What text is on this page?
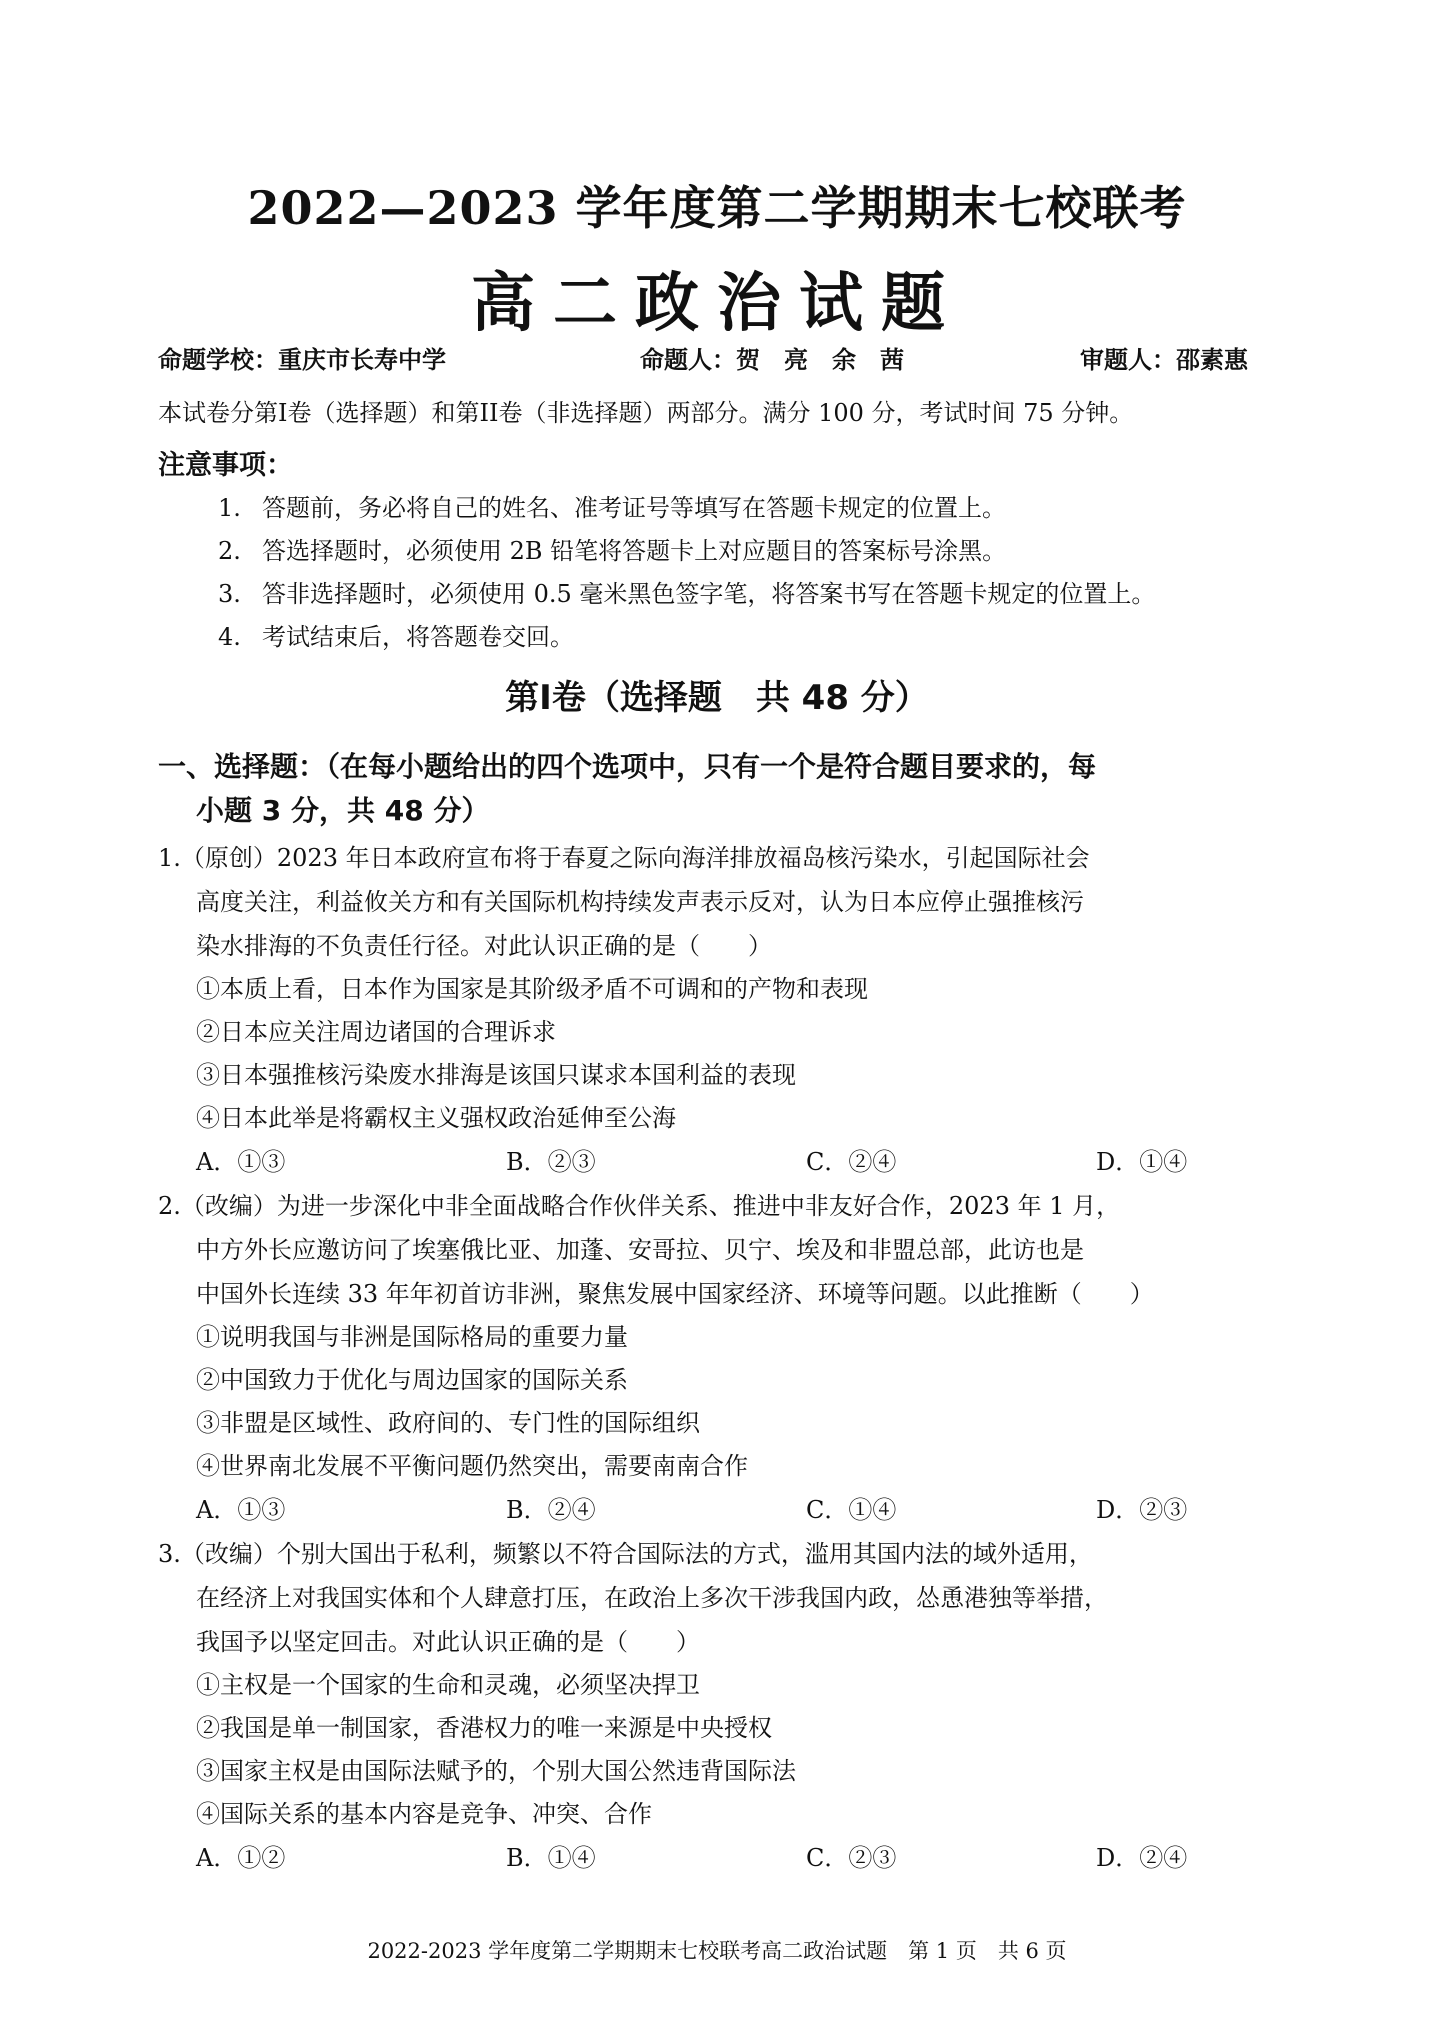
2022—2023 学年度第二学期期末七校联考
高二政治试题
命题学校：重庆市长寿中学	命题人：贺　亮　余　茜	审题人：邵素惠
本试卷分第I卷（选择题）和第II卷（非选择题）两部分。满分 100 分，考试时间 75 分钟。
注意事项：
1. 答题前，务必将自己的姓名、准考证号等填写在答题卡规定的位置上。
2. 答选择题时，必须使用 2B 铅笔将答题卡上对应题目的答案标号涂黑。
3. 答非选择题时，必须使用 0.5 毫米黑色签字笔，将答案书写在答题卡规定的位置上。
4. 考试结束后，将答题卷交回。
第I卷（选择题　共 48 分）
一、选择题：（在每小题给出的四个选项中，只有一个是符合题目要求的，每
小题 3 分，共 48 分）
1.（原创）2023 年日本政府宣布将于春夏之际向海洋排放福岛核污染水，引起国际社会
高度关注，利益攸关方和有关国际机构持续发声表示反对，认为日本应停止强推核污
染水排海的不负责任行径。对此认识正确的是（　　）
①本质上看，日本作为国家是其阶级矛盾不可调和的产物和表现
②日本应关注周边诸国的合理诉求
③日本强推核污染废水排海是该国只谋求本国利益的表现
④日本此举是将霸权主义强权政治延伸至公海
A．①③	B．②③	C．②④	D．①④
2.（改编）为进一步深化中非全面战略合作伙伴关系、推进中非友好合作，2023 年 1 月，
中方外长应邀访问了埃塞俄比亚、加蓬、安哥拉、贝宁、埃及和非盟总部，此访也是
中国外长连续 33 年年初首访非洲，聚焦发展中国家经济、环境等问题。以此推断（　　）
①说明我国与非洲是国际格局的重要力量
②中国致力于优化与周边国家的国际关系
③非盟是区域性、政府间的、专门性的国际组织
④世界南北发展不平衡问题仍然突出，需要南南合作
A．①③	B．②④	C．①④	D．②③
3.（改编）个别大国出于私利，频繁以不符合国际法的方式，滥用其国内法的域外适用，
在经济上对我国实体和个人肆意打压，在政治上多次干涉我国内政，怂恿港独等举措，
我国予以坚定回击。对此认识正确的是（　　）
①主权是一个国家的生命和灵魂，必须坚决捍卫
②我国是单一制国家，香港权力的唯一来源是中央授权
③国家主权是由国际法赋予的，个别大国公然违背国际法
④国际关系的基本内容是竞争、冲突、合作
A．①②	B．①④	C．②③	D．②④
2022-2023 学年度第二学期期末七校联考高二政治试题　第 1 页　共 6 页
